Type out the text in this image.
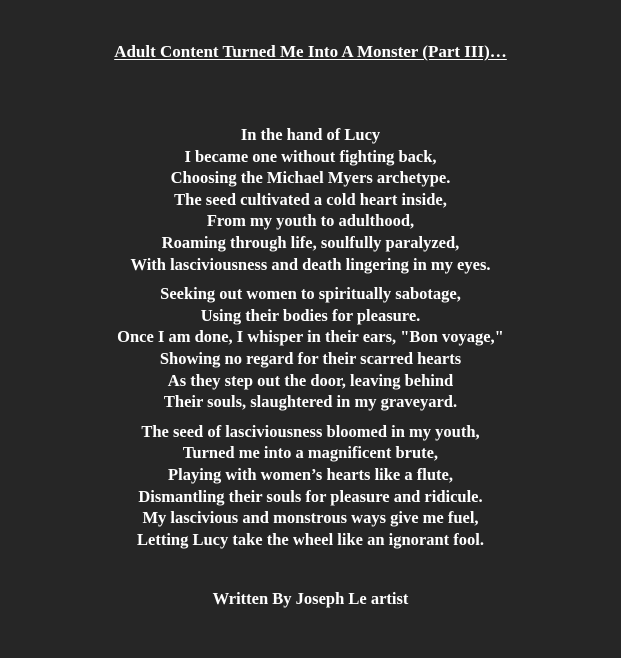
Adult Content Turned Me Into A Monster (Part III)…
In the hand of Lucy
I became one without fighting back,
Choosing the Michael Myers archetype.
The seed cultivated a cold heart inside,
From my youth to adulthood,
Roaming through life, soulfully paralyzed,
With lasciviousness and death lingering in my eyes.
Seeking out women to spiritually sabotage,
Using their bodies for pleasure.
Once I am done, I whisper in their ears, "Bon voyage,"
Showing no regard for their scarred hearts
As they step out the door, leaving behind
Their souls, slaughtered in my graveyard.
The seed of lasciviousness bloomed in my youth,
Turned me into a magnificent brute,
Playing with women’s hearts like a flute,
Dismantling their souls for pleasure and ridicule.
My lascivious and monstrous ways give me fuel,
Letting Lucy take the wheel like an ignorant fool.
Written By Joseph Le artist
